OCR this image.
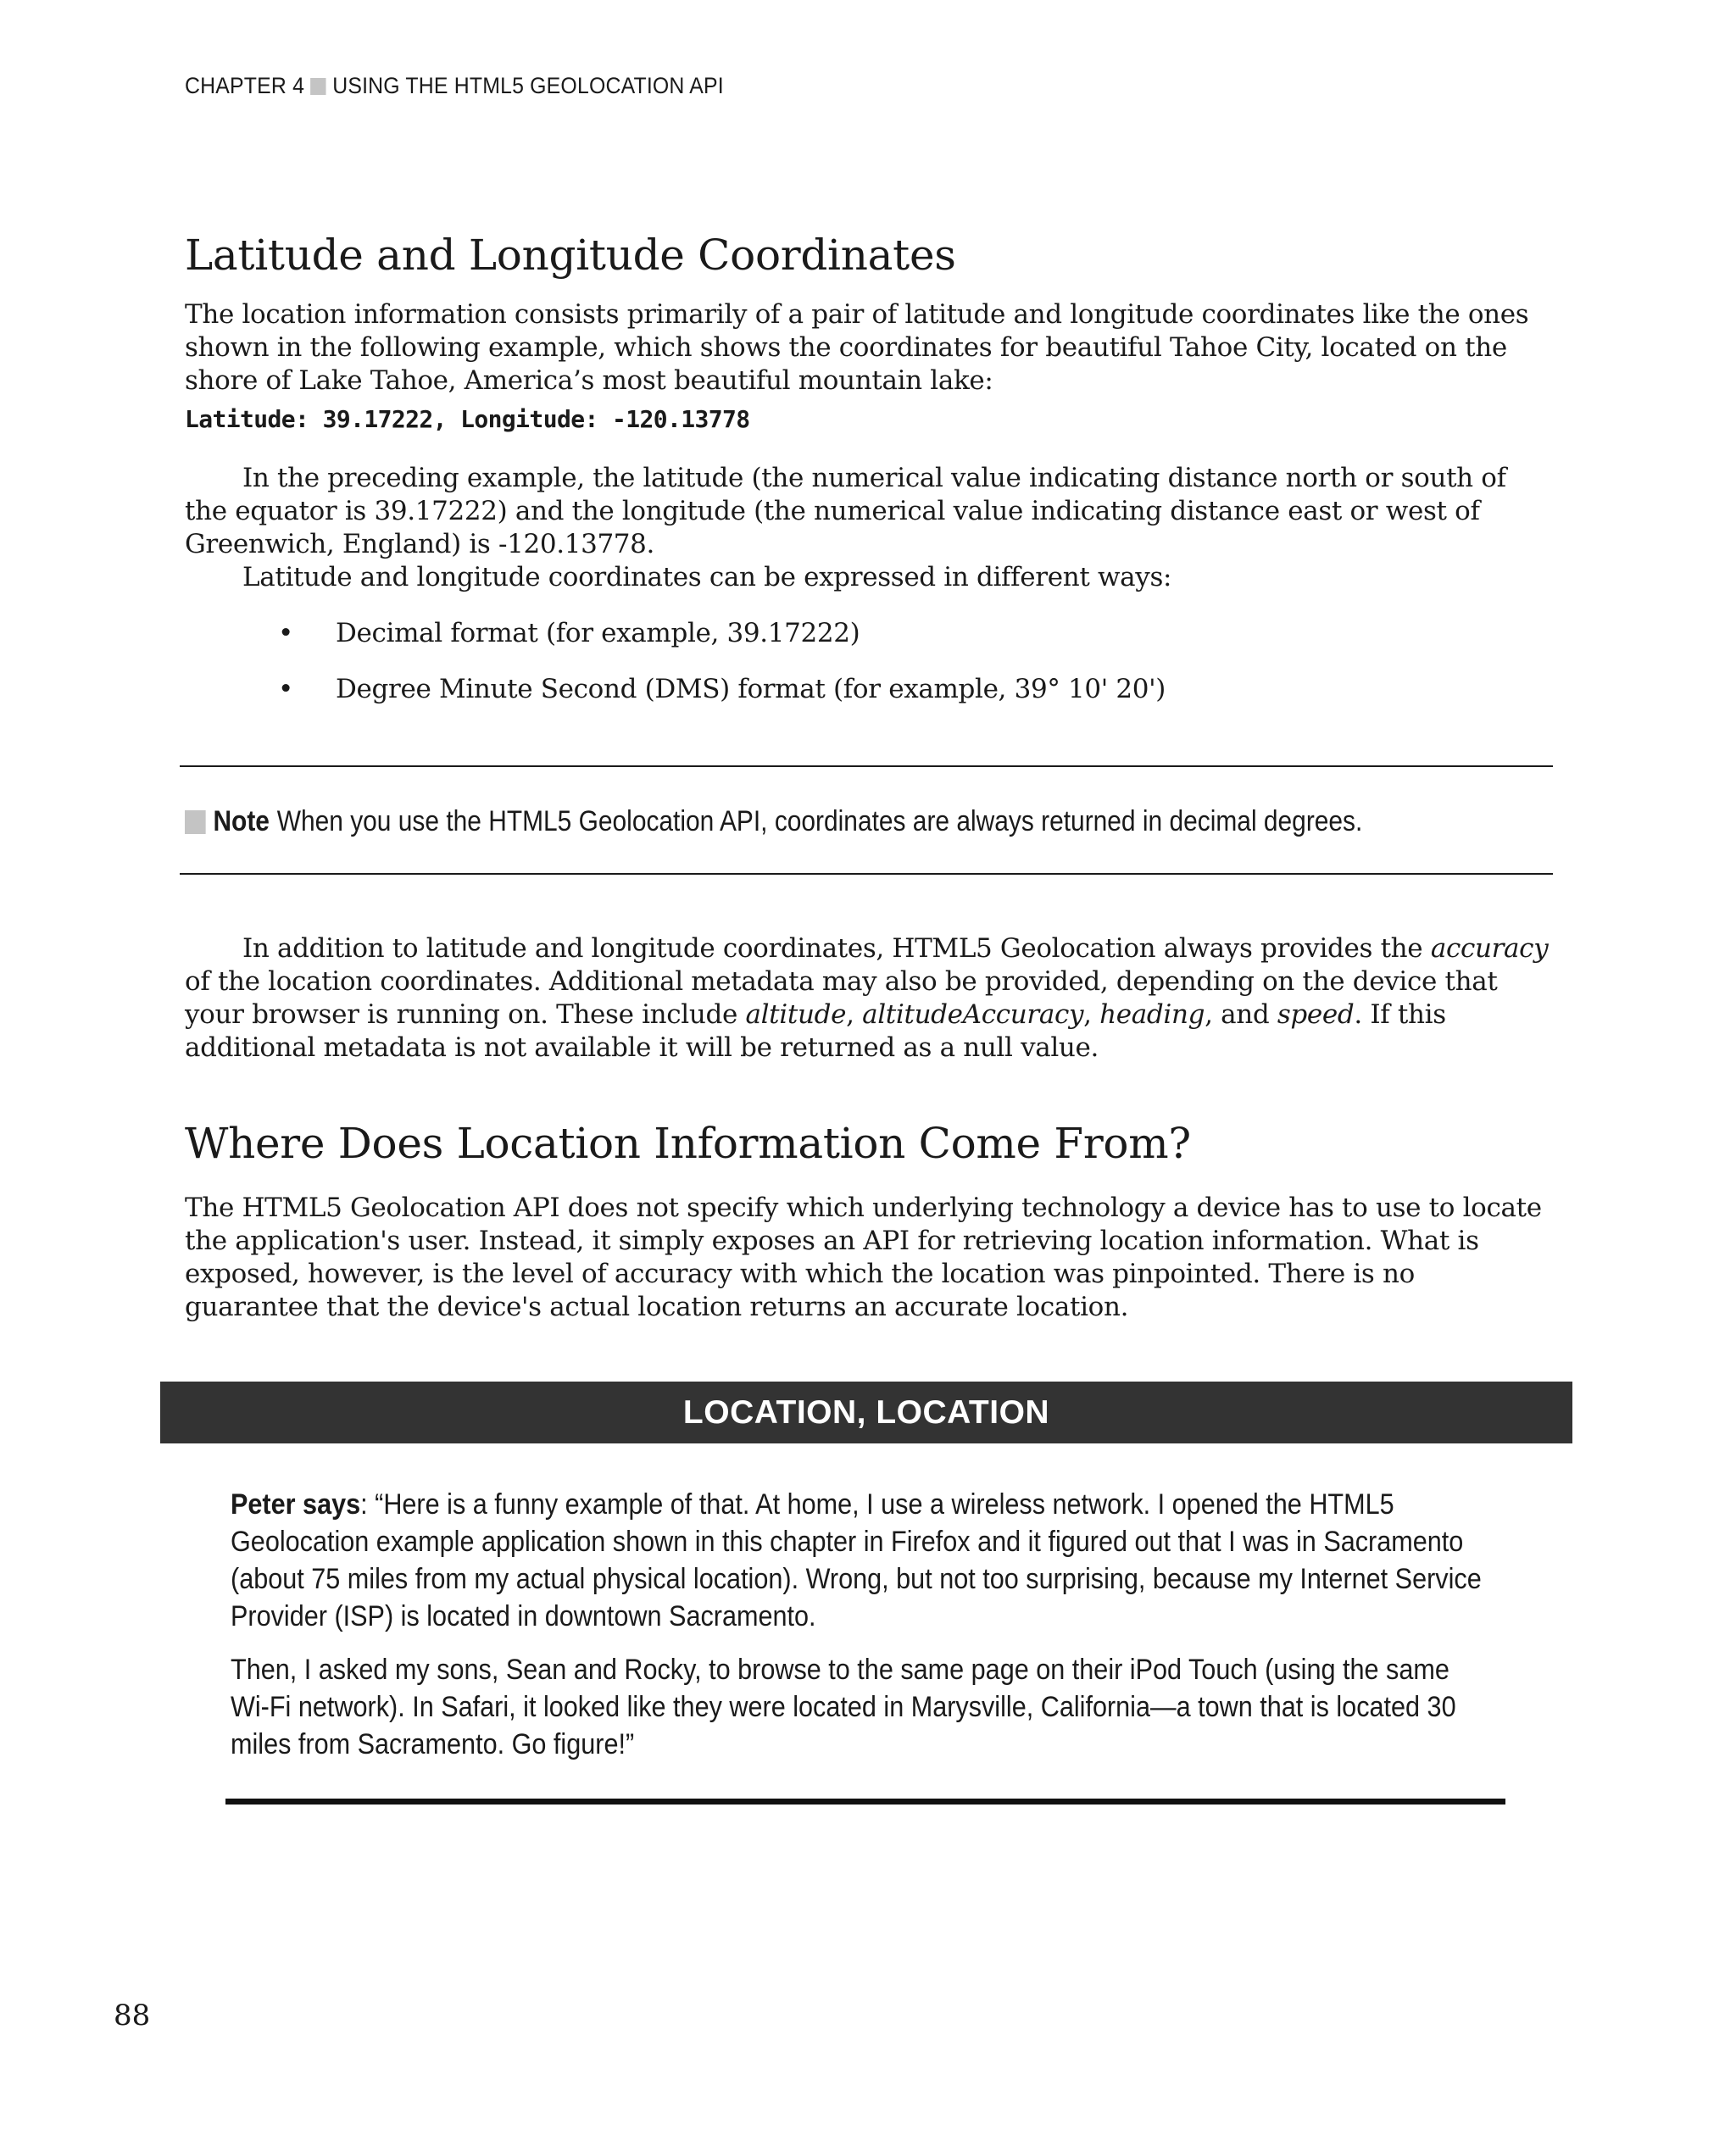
CHAPTER 4 USING THE HTML5 GEOLOCATION API
Latitude and Longitude Coordinates

The location information consists primarily of a pair of latitude and longitude coordinates like the ones shown in the following example, which shows the coordinates for beautiful Tahoe City, located on the shore of Lake Tahoe, America’s most beautiful mountain lake:

Latitude: 39.17222, Longitude: -120.13778

In the preceding example, the latitude (the numerical value indicating distance north or south of the equator is 39.17222) and the longitude (the numerical value indicating distance east or west of Greenwich, England) is -120.13778.

Latitude and longitude coordinates can be expressed in different ways:

• Decimal format (for example, 39.17222)
• Degree Minute Second (DMS) format (for example, 39° 10' 20')
Note When you use the HTML5 Geolocation API, coordinates are always returned in decimal degrees.

In addition to latitude and longitude coordinates, HTML5 Geolocation always provides the accuracy of the location coordinates. Additional metadata may also be provided, depending on the device that your browser is running on. These include altitude, altitudeAccuracy, heading, and speed. If this additional metadata is not available it will be returned as a null value.

Where Does Location Information Come From?

The HTML5 Geolocation API does not specify which underlying technology a device has to use to locate the application's user. Instead, it simply exposes an API for retrieving location information. What is exposed, however, is the level of accuracy with which the location was pinpointed. There is no guarantee that the device's actual location returns an accurate location.

LOCATION, LOCATION

Peter says: “Here is a funny example of that. At home, I use a wireless network. I opened the HTML5 Geolocation example application shown in this chapter in Firefox and it figured out that I was in Sacramento (about 75 miles from my actual physical location). Wrong, but not too surprising, because my Internet Service Provider (ISP) is located in downtown Sacramento.

Then, I asked my sons, Sean and Rocky, to browse to the same page on their iPod Touch (using the same Wi-Fi network). In Safari, it looked like they were located in Marysville, California—a town that is located 30 miles from Sacramento. Go figure!”

88
